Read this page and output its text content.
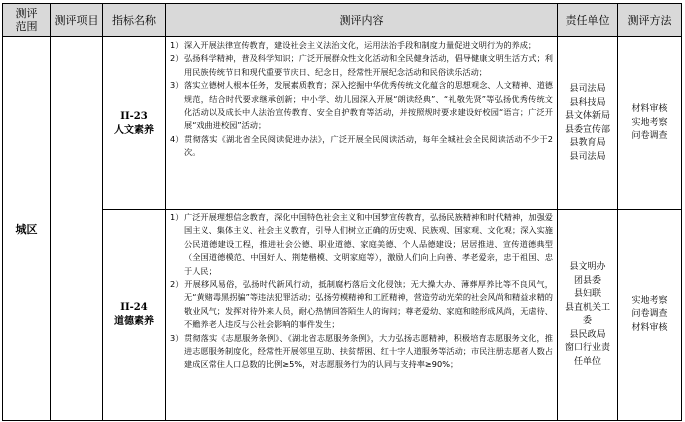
测评
范围 测评项目 指标名称	测评内容	责任单位 测评方法
城区
II-23
人文素养

1）深入开展法律宣传教育，建设社会主义法治文化，运用法治手段和制度力量促进文明行为的养成；

2）弘扬科学精神，普及科学知识；广泛开展群众性文化活动和全民健身活动，倡导健康文明生活方式；利用民族传统节日和现代重要节庆日、纪念日，经常性开展纪念活动和民俗读乐活动；

3）落实立德树人根本任务，发展素质教育；深入挖掘中华优秀传统文化蕴含的思想观念、人文精神、道德规范，结合时代要求继承创新；中小学、幼儿园深入开展“朗读经典”、“礼敬先贤”等弘扬优秀传统文化活动以及成长中人法治宣传教育、安全自护教育等活动，并按照规时要求建设好校园“语言；广泛开展“戏曲进校园”活动；

4）贯彻落实《湖北省全民阅读促进办法》，广泛开展全民阅读活动，每年全城社会全民阅读活动不少于2次。

县司法局
县科技局
县文体新局
县委宣传部
县教育局
县司法局
材料审核
实地考察
问卷调查
II-24
道德素养

1）广泛开展理想信念教育，深化中国特色社会主义和中国梦宣传教育，弘扬民族精神和时代精神，加强爱国主义、集体主义、社会主义教育，引导人们树立正确的历史观、民族观、国家观、文化观；深入实施公民道德建设工程，推进社会公德、职业道德、家庭美德、个人品德建设；居居推进、宣传道德典型（全国道德模范、中国好人、荆楚楷模、文明家庭等），激励人们向上向善、孝老爱亲，忠于祖国、忠于人民；

2）开展移风易俗，弘扬时代新风行动，抵制腐朽落后文化侵蚀；无大操大办、薄葬厚养比等不良风气，无“黄赌毒黑拐骗”等违法犯罪活动；弘扬劳模精神和工匠精神，营造劳动光荣的社会风尚和精益求精的敬业风气；发挥对待外来人员，耐心热情回答陌生人的询问；尊老爱幼、家庭和睦形成风尚，无虐待、不赡养老人违反与公社会影响的事件发生；

3）贯彻落实《志愿服务条例》、《湖北省志愿服务条例》，大力弘扬志愿精神，积极培育志愿服务文化，推进志愿服务制度化，经常性开展邻里互助、扶贫帮困、红十字人道服务等活动；市民注册志愿者人数占建成区常住人口总数的比例≥5%，对志愿服务行为的认同与支持率≥90%；

县文明办
团县委
县妇联
县直机关工委
县民政局
窗口行业责任单位
实地考察
问卷调查
材料审核
